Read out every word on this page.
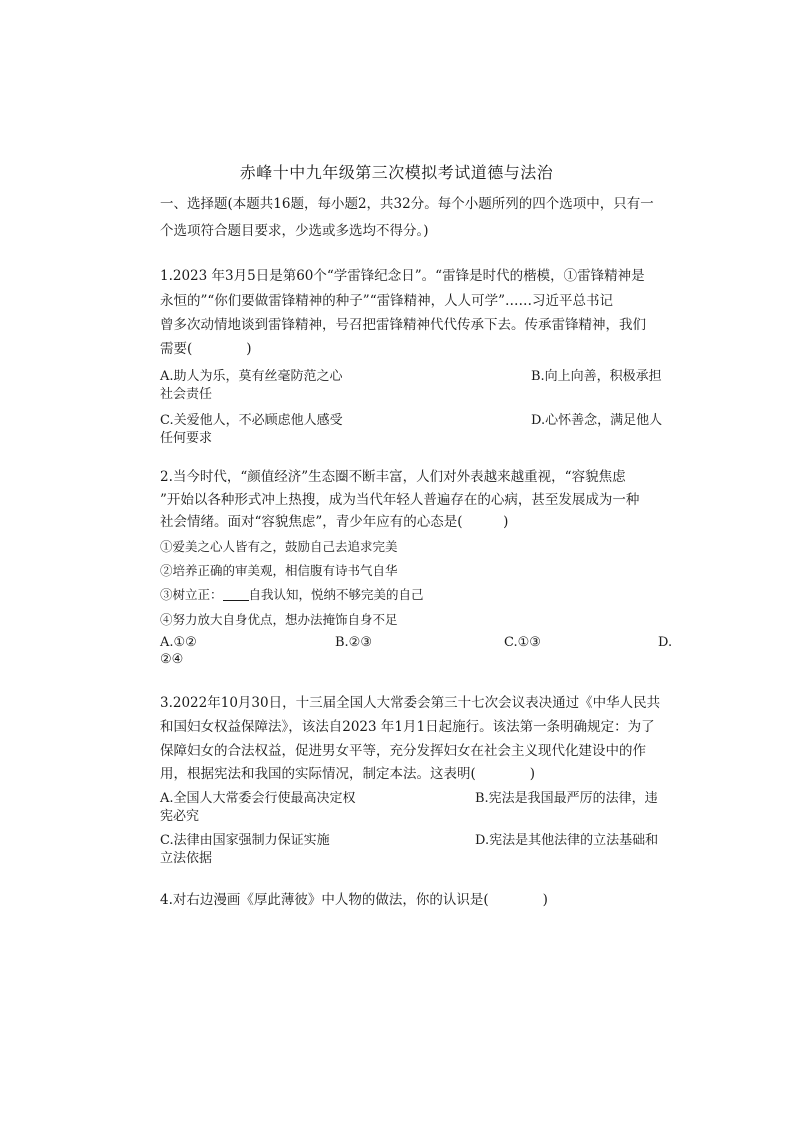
赤峰十中九年级第三次模拟考试道德与法治
一、选择题(本题共16题，每小题2，共32分。每个小题所列的四个选项中，只有一
个选项符合题目要求，少选或多选均不得分。)
1.2023 年3月5日是第60个“学雷锋纪念日”。“雷锋是时代的楷模，①雷锋精神是
永恒的”“你们要做雷锋精神的种子”“雷锋精神，人人可学”……习近平总书记
曾多次动情地谈到雷锋精神，号召把雷锋精神代代传承下去。传承雷锋精神，我们
需要(　　　　)
A.助人为乐，莫有丝毫防范之心	B.向上向善，积极承担
社会责任
C.关爱他人，不必顾虑他人感受	D.心怀善念，满足他人
任何要求
2.当今时代，“颜值经济”生态圈不断丰富，人们对外表越来越重视，“容貌焦虑
”开始以各种形式冲上热搜，成为当代年轻人普遍存在的心病，甚至发展成为一种
社会情绪。面对“容貌焦虑”，青少年应有的心态是(　　　)
①爱美之心人皆有之，鼓励自己去追求完美
②培养正确的审美观，相信腹有诗书气自华
③树立正： 自我认知，悦纳不够完美的自己
④努力放大自身优点，想办法掩饰自身不足
A.①②	B.②③	C.①③	D.
②④
3.2022年10月30日，十三届全国人大常委会第三十七次会议表决通过《中华人民共
和国妇女权益保障法》，该法自2023 年1月1日起施行。该法第一条明确规定：为了
保障妇女的合法权益，促进男女平等，充分发挥妇女在社会主义现代化建设中的作
用，根据宪法和我国的实际情况，制定本法。这表明(　　　　)
A.全国人大常委会行使最高决定权	B.宪法是我国最严厉的法律，违
宪必究
C.法律由国家强制力保证实施	D.宪法是其他法律的立法基础和
立法依据
4.对右边漫画《厚此薄彼》中人物的做法，你的认识是(　　　　)
